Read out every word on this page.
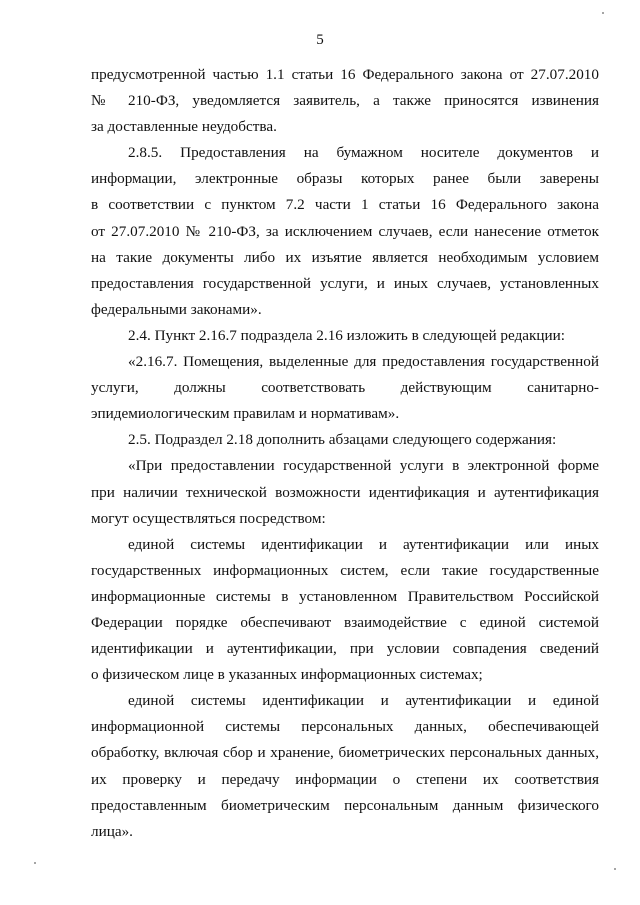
5
предусмотренной частью 1.1 статьи 16 Федерального закона от 27.07.2010
№ 210-ФЗ, уведомляется заявитель, а также приносятся извинения
за доставленные неудобства.
2.8.5. Предоставления на бумажном носителе документов и
информации, электронные образы которых ранее были заверены
в соответствии с пунктом 7.2 части 1 статьи 16 Федерального закона
от 27.07.2010 № 210-ФЗ, за исключением случаев, если нанесение отметок
на такие документы либо их изъятие является необходимым условием
предоставления государственной услуги, и иных случаев, установленных
федеральными законами».
2.4. Пункт 2.16.7 подраздела 2.16 изложить в следующей редакции:
«2.16.7. Помещения, выделенные для предоставления государственной
услуги, должны соответствовать действующим санитарно-
эпидемиологическим правилам и нормативам».
2.5. Подраздел 2.18 дополнить абзацами следующего содержания:
«При предоставлении государственной услуги в электронной форме
при наличии технической возможности идентификация и аутентификация
могут осуществляться посредством:
единой системы идентификации и аутентификации или иных
государственных информационных систем, если такие государственные
информационные системы в установленном Правительством Российской
Федерации порядке обеспечивают взаимодействие с единой системой
идентификации и аутентификации, при условии совпадения сведений
о физическом лице в указанных информационных системах;
единой системы идентификации и аутентификации и единой
информационной системы персональных данных, обеспечивающей
обработку, включая сбор и хранение, биометрических персональных данных,
их проверку и передачу информации о степени их соответствия
предоставленным биометрическим персональным данным физического
лица».
